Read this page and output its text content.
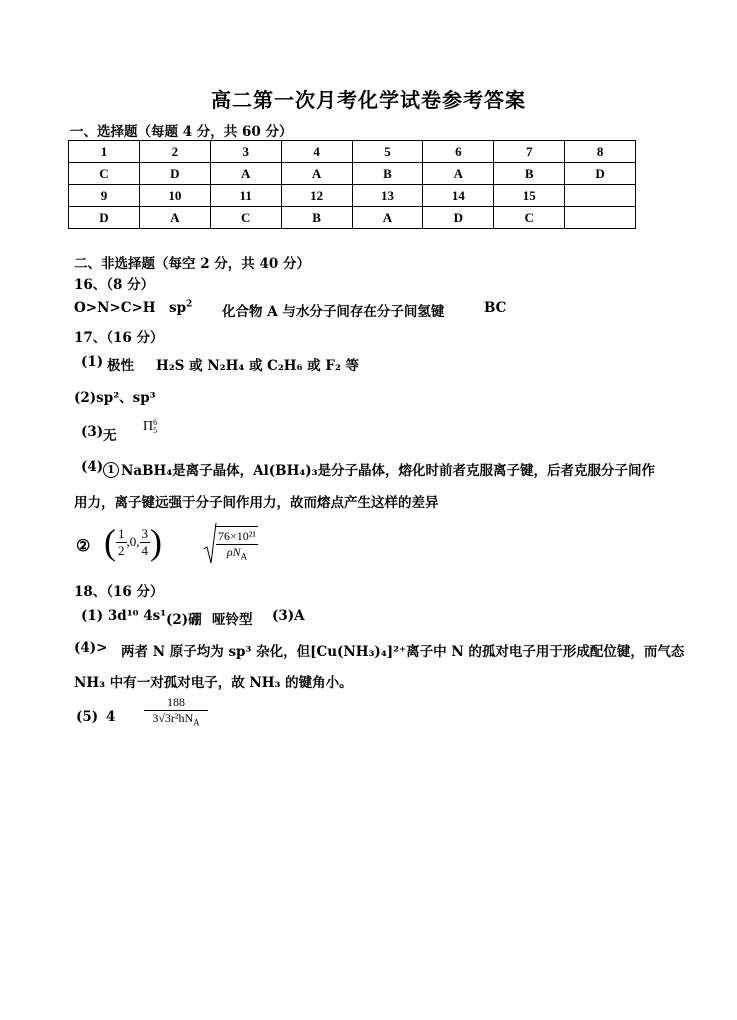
高二第一次月考化学试卷参考答案
一、选择题（每题 4 分，共 60 分）
1	2	3	4	5	6	7	8
C	D	A	A	B	A	B	D
9	10	11	12	13	14	15	
D	A	C	B	A	D	C	
二、非选择题（每空 2 分，共 40 分）
16、（8 分）
O>N>C>H $sp^2$ 化合物 A 与水分子间存在分子间氢键	BC
17、（16 分）
(1) 极性 H₂S 或 N₂H₄ 或 C₂H₆ 或 F₂ 等
(2)sp²、sp³
(3) 无
Π 6
5
(4) 1 NaBH₄是离子晶体，Al(BH₄)₃是分子晶体，熔化时前者克服离子键，后者克服分子间作
用力，离子键远强于分子间作用力，故而熔点产生这样的差异
② ( $\frac{1}{2} ,0$, $\frac{3}{4}$ )	$\frac{\text{76×10²¹}}{\rho N_A}$
18、（16 分）
(1) 3d¹⁰ 4s¹ (2)硼 哑铃型 (3)A
(4)> 两者 N 原子均为 sp³ 杂化，但[Cu(NH₃)₄]²⁺离子中 N 的孤对电子用于形成配位键，而气态
NH₃ 中有一对孤对电子，故 NH₃ 的键角小。
(5) $4 \frac{188}{3√3r^2hN_A}$
